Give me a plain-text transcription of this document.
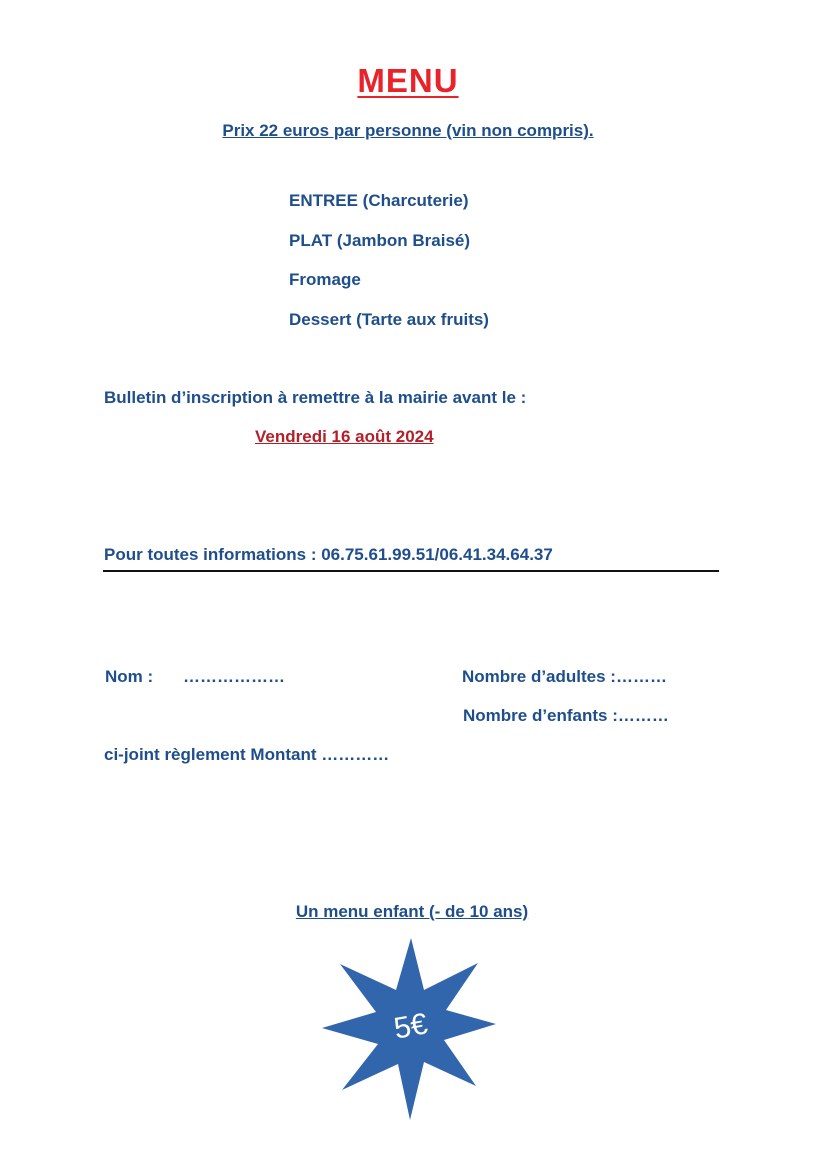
MENU
Prix 22 euros par personne (vin non compris).
ENTREE (Charcuterie)
PLAT (Jambon Braisé)
Fromage
Dessert (Tarte aux fruits)
Bulletin d’inscription à remettre à la mairie avant le :
Vendredi 16 août 2024
Pour toutes informations : 06.75.61.99.51/06.41.34.64.37
Nom : ………………	Nombre d’adultes :………
Nombre d’enfants :………
ci-joint règlement Montant …………
Un menu enfant (- de 10 ans)
5€
